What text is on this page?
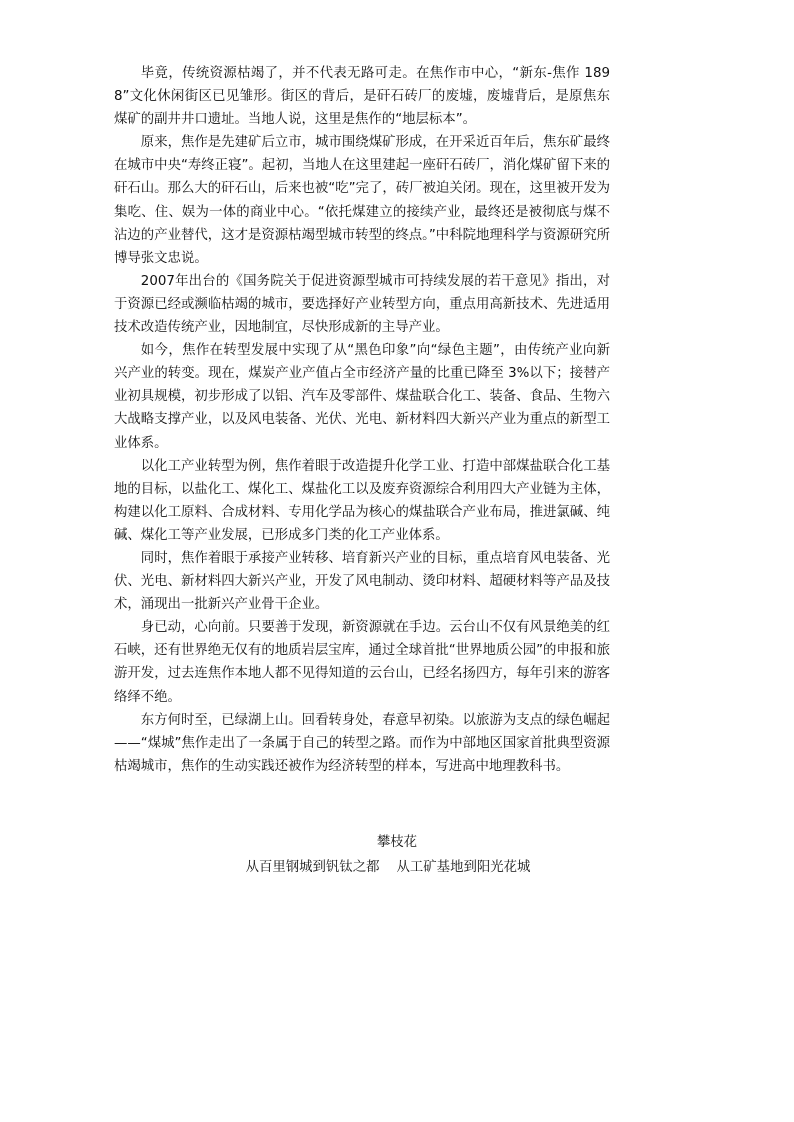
毕竟，传统资源枯竭了，并不代表无路可走。在焦作市中心，“新东-焦作 1898”文化休闲街区已见雏形。街区的背后，是矸石砖厂的废墟，废墟背后，是原焦东煤矿的副井井口遗址。当地人说，这里是焦作的“地层标本”。

原来，焦作是先建矿后立市，城市围绕煤矿形成，在开采近百年后，焦东矿最终在城市中央“寿终正寝”。起初，当地人在这里建起一座矸石砖厂，消化煤矿留下来的矸石山。那么大的矸石山，后来也被“吃”完了，砖厂被迫关闭。现在，这里被开发为集吃、住、娱为一体的商业中心。“依托煤建立的接续产业，最终还是被彻底与煤不沾边的产业替代，这才是资源枯竭型城市转型的终点。”中科院地理科学与资源研究所博导张文忠说。

2007年出台的《国务院关于促进资源型城市可持续发展的若干意见》指出，对于资源已经或濒临枯竭的城市，要选择好产业转型方向，重点用高新技术、先进适用技术改造传统产业，因地制宜，尽快形成新的主导产业。

如今，焦作在转型发展中实现了从“黑色印象”向“绿色主题”，由传统产业向新兴产业的转变。现在，煤炭产业产值占全市经济产量的比重已降至 3%以下；接替产业初具规模，初步形成了以铝、汽车及零部件、煤盐联合化工、装备、食品、生物六大战略支撑产业，以及风电装备、光伏、光电、新材料四大新兴产业为重点的新型工业体系。

以化工产业转型为例，焦作着眼于改造提升化学工业、打造中部煤盐联合化工基地的目标，以盐化工、煤化工、煤盐化工以及废弃资源综合利用四大产业链为主体，构建以化工原料、合成材料、专用化学品为核心的煤盐联合产业布局，推进氯碱、纯碱、煤化工等产业发展，已形成多门类的化工产业体系。

同时，焦作着眼于承接产业转移、培育新兴产业的目标，重点培育风电装备、光伏、光电、新材料四大新兴产业，开发了风电制动、烫印材料、超硬材料等产品及技术，涌现出一批新兴产业骨干企业。

身已动，心向前。只要善于发现，新资源就在手边。云台山不仅有风景绝美的红石峡，还有世界绝无仅有的地质岩层宝库，通过全球首批“世界地质公园”的申报和旅游开发，过去连焦作本地人都不见得知道的云台山，已经名扬四方，每年引来的游客络绎不绝。

东方何时至，已绿湖上山。回看转身处，春意早初染。以旅游为支点的绿色崛起——“煤城”焦作走出了一条属于自己的转型之路。而作为中部地区国家首批典型资源枯竭城市，焦作的生动实践还被作为经济转型的样本，写进高中地理教科书。

攀枝花

从百里钢城到钒钛之都    从工矿基地到阳光花城
